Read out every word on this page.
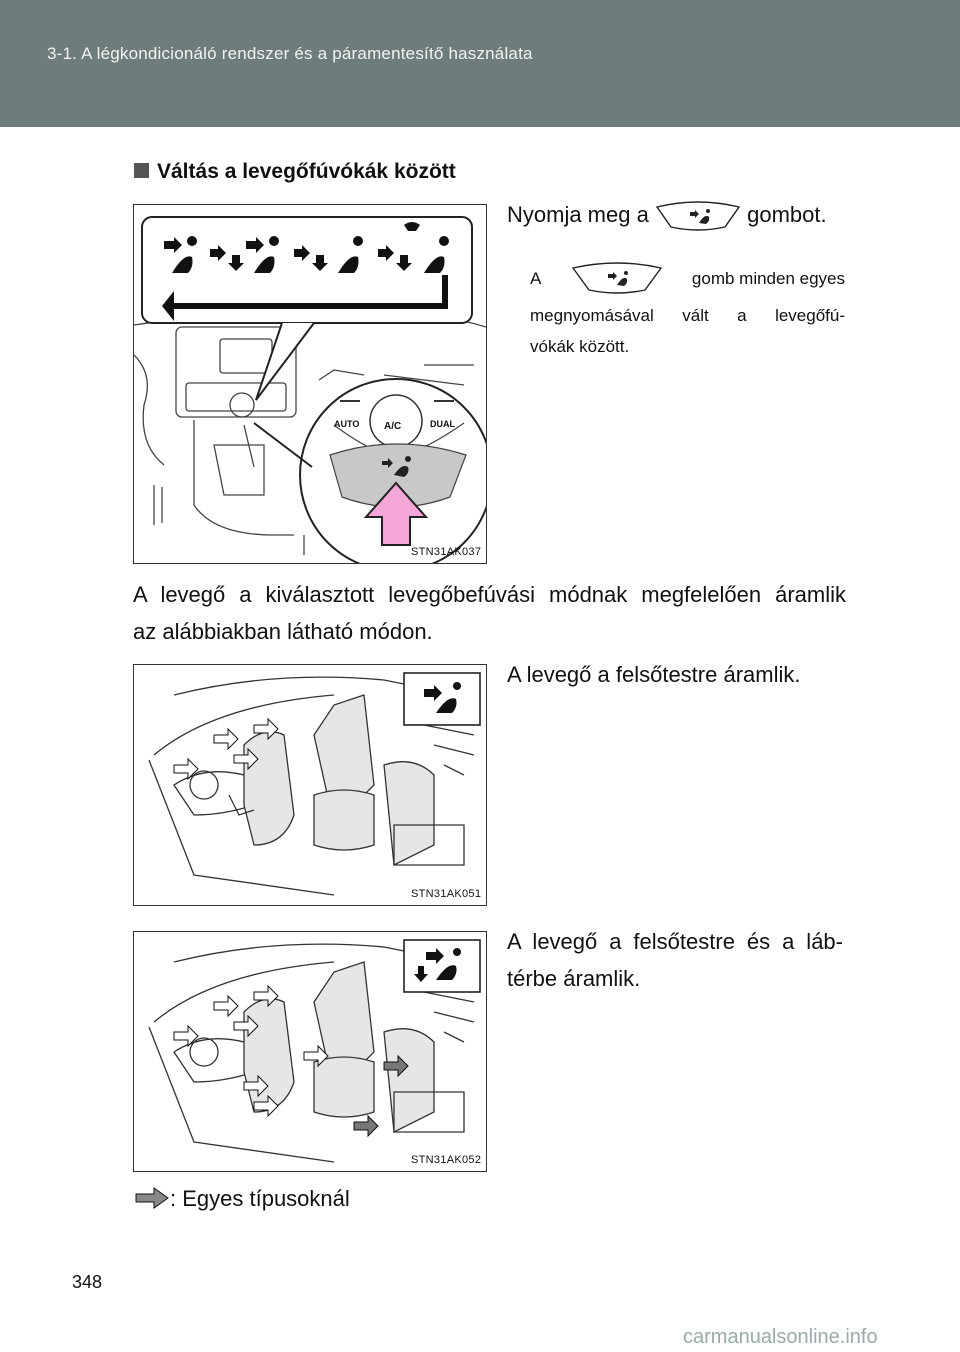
3-1. A légkondicionáló rendszer és a páramentesítő használata
Váltás a levegőfúvókák között
AUTO A/C	DUAL
STN31AK037
Nyomja meg a	gombot.
A	gomb minden egyes
megnyomásával vált a levegőfú-
vókák között.
A levegő a kiválasztott levegőbefúvási módnak megfelelően áramlik
az alábbiakban látható módon.
STN31AK051
A levegő a felsőtestre áramlik.
STN31AK052
A levegő a felsőtestre és a láb-
térbe áramlik.
: Egyes típusoknál
348
carmanualsonline.info
